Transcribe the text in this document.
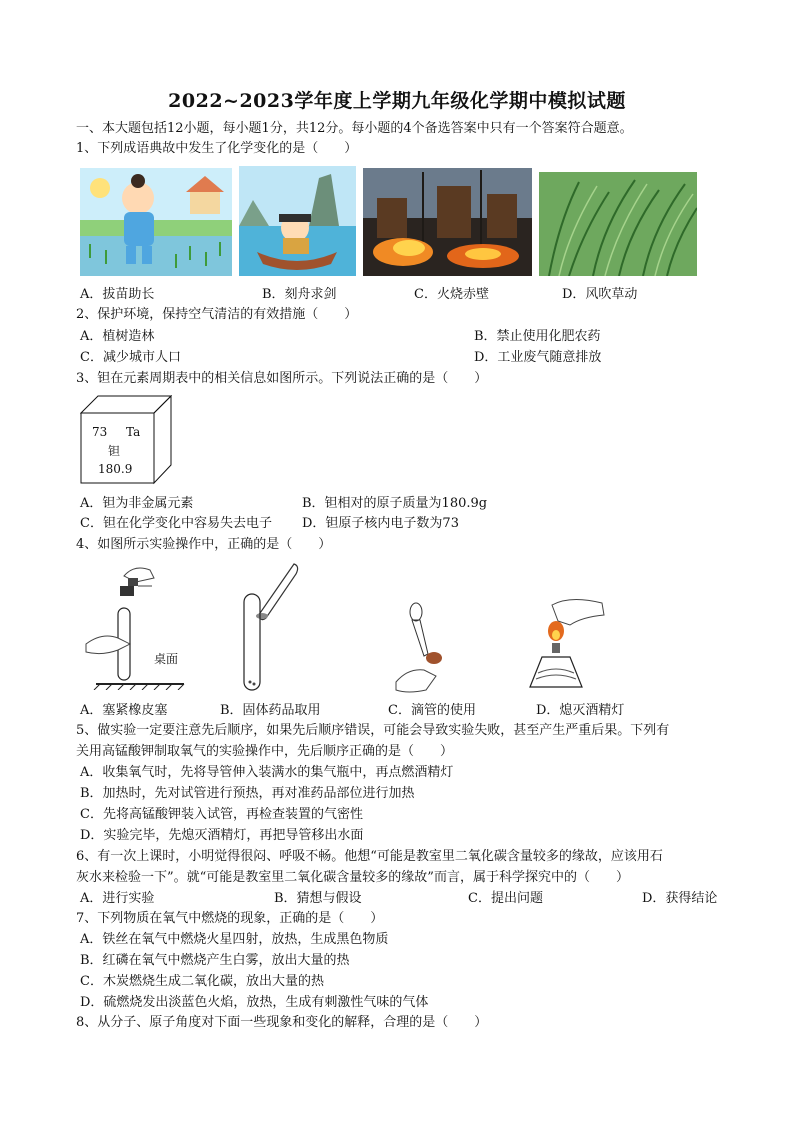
2022~2023学年度上学期九年级化学期中模拟试题
一、本大题包括12小题，每小题1分，共12分。每小题的4个备选答案中只有一个答案符合题意。
1、下列成语典故中发生了化学变化的是（　　）
A．拔苗助长	B．刻舟求剑	C．火烧赤壁	D．风吹草动
2、保护环境，保持空气清洁的有效措施（　　）
A．植树造林	B．禁止使用化肥农药
C．减少城市人口	D．工业废气随意排放
3、钽在元素周期表中的相关信息如图所示。下列说法正确的是（　　）
73 Ta
钽
180.9
A．钽为非金属元素	B．钽相对的原子质量为180.9g
C．钽在化学变化中容易失去电子 D．钽原子核内电子数为73
4、如图所示实验操作中，正确的是（　　）
桌面
A．塞紧橡皮塞	B．固体药品取用	C．滴管的使用	D．熄灭酒精灯
5、做实验一定要注意先后顺序，如果先后顺序错误，可能会导致实验失败，甚至产生严重后果。下列有
关用高锰酸钾制取氧气的实验操作中，先后顺序正确的是（　　）
A．收集氧气时，先将导管伸入装满水的集气瓶中，再点燃酒精灯
B．加热时，先对试管进行预热，再对准药品部位进行加热
C．先将高锰酸钾装入试管，再检查装置的气密性
D．实验完毕，先熄灭酒精灯，再把导管移出水面
6、有一次上课时，小明觉得很闷、呼吸不畅。他想“可能是教室里二氧化碳含量较多的缘故，应该用石
灰水来检验一下”。就“可能是教室里二氧化碳含量较多的缘故”而言，属于科学探究中的（　　）
A．进行实验	B．猜想与假设	C．提出问题	D．获得结论
7、下列物质在氧气中燃烧的现象，正确的是（　　）
A．铁丝在氧气中燃烧火星四射，放热，生成黑色物质
B．红磷在氧气中燃烧产生白雾，放出大量的热
C．木炭燃烧生成二氧化碳，放出大量的热
D．硫燃烧发出淡蓝色火焰，放热，生成有刺激性气味的气体
8、从分子、原子角度对下面一些现象和变化的解释，合理的是（　　）
